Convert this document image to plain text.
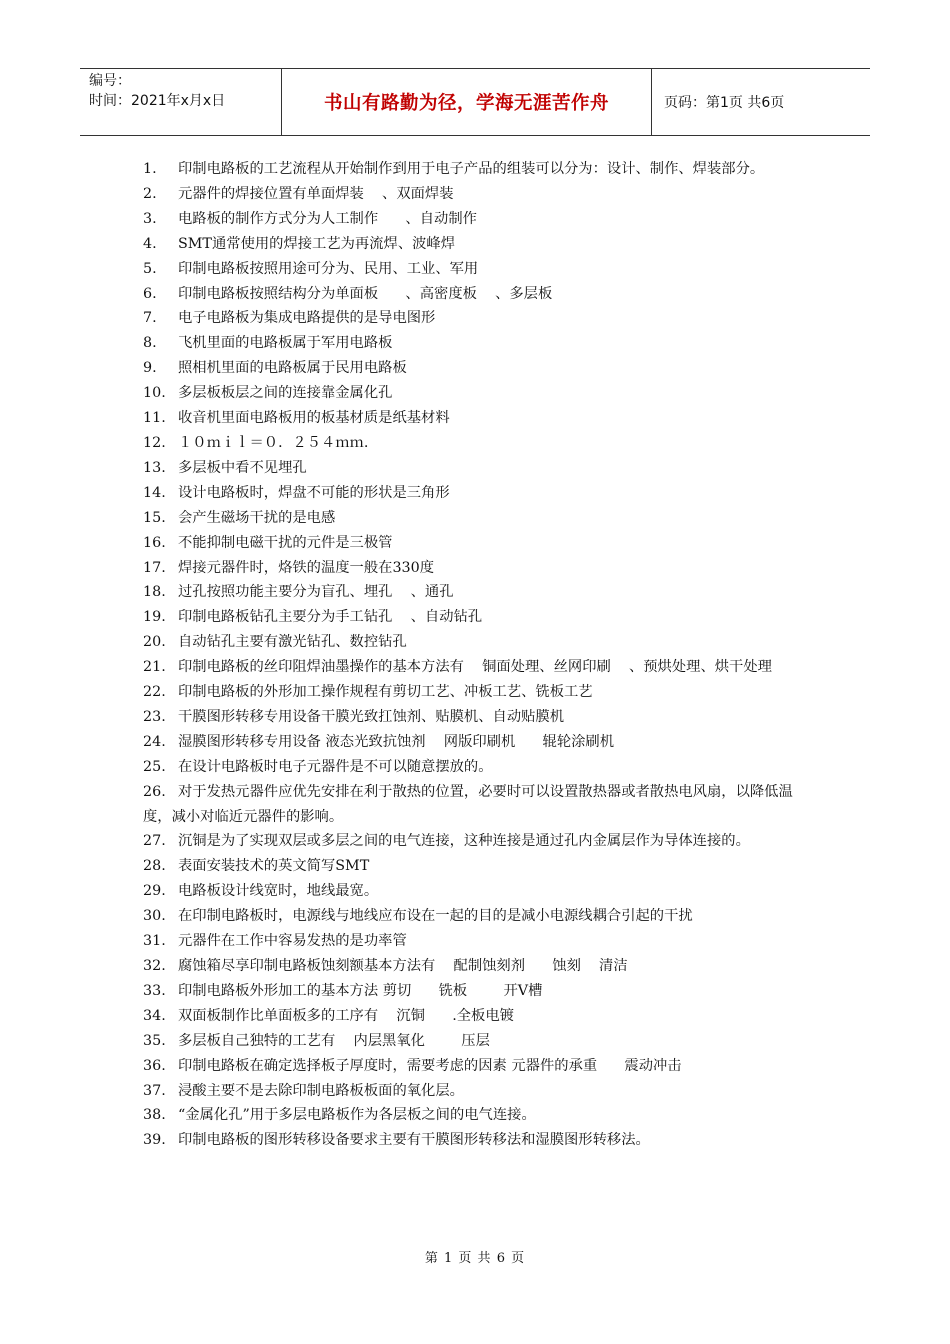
编号：
时间：2021年x月x日	书山有路勤为径，学海无涯苦作舟	页码：第1页 共6页

1. 印制电路板的工艺流程从开始制作到用于电子产品的组装可以分为：设计、制作、焊装部分。

2. 元器件的焊接位置有单面焊装    、双面焊装

3. 电路板的制作方式分为人工制作      、自动制作

4. SMT通常使用的焊接工艺为再流焊、波峰焊

5. 印制电路板按照用途可分为、民用、工业、军用

6. 印制电路板按照结构分为单面板      、高密度板    、多层板

7. 电子电路板为集成电路提供的是导电图形

8. 飞机里面的电路板属于军用电路板

9. 照相机里面的电路板属于民用电路板

10. 多层板板层之间的连接靠金属化孔

11. 收音机里面电路板用的板基材质是纸基材料

12. １０ｍｉｌ＝０．２５４ｍｍ.

13. 多层板中看不见埋孔

14. 设计电路板时，焊盘不可能的形状是三角形

15. 会产生磁场干扰的是电感

16. 不能抑制电磁干扰的元件是三极管

17. 焊接元器件时，烙铁的温度一般在330度

18. 过孔按照功能主要分为盲孔、埋孔    、通孔

19. 印制电路板钻孔主要分为手工钻孔    、自动钻孔

20. 自动钻孔主要有激光钻孔、数控钻孔

21. 印制电路板的丝印阻焊油墨操作的基本方法有    铜面处理、丝网印刷    、预烘处理、烘干处理

22. 印制电路板的外形加工操作规程有剪切工艺、冲板工艺、铣板工艺

23. 干膜图形转移专用设备干膜光致扛蚀剂、贴膜机、自动贴膜机

24. 湿膜图形转移专用设备 液态光致抗蚀剂    网版印刷机      辊轮涂刷机

25. 在设计电路板时电子元器件是不可以随意摆放的。

26. 对于发热元器件应优先安排在利于散热的位置，必要时可以设置散热器或者散热电风扇，以降低温度，减小对临近元器件的影响。

27. 沉铜是为了实现双层或多层之间的电气连接，这种连接是通过孔内金属层作为导体连接的。

28. 表面安装技术的英文简写SMT

29. 电路板设计线宽时，地线最宽。

30. 在印制电路板时，电源线与地线应布设在一起的目的是减小电源线耦合引起的干扰

31. 元器件在工作中容易发热的是功率管

32. 腐蚀箱尽享印制电路板蚀刻额基本方法有    配制蚀刻剂      蚀刻    清洁

33. 印制电路板外形加工的基本方法 剪切      铣板        开V槽

34. 双面板制作比单面板多的工序有    沉铜      .全板电镀

35. 多层板自己独特的工艺有    内层黑氧化        压层

36. 印制电路板在确定选择板子厚度时，需要考虑的因素 元器件的承重      震动冲击

37. 浸酸主要不是去除印制电路板板面的氧化层。

38. “金属化孔”用于多层电路板作为各层板之间的电气连接。

39. 印制电路板的图形转移设备要求主要有干膜图形转移法和湿膜图形转移法。

第 1 页 共 6 页
